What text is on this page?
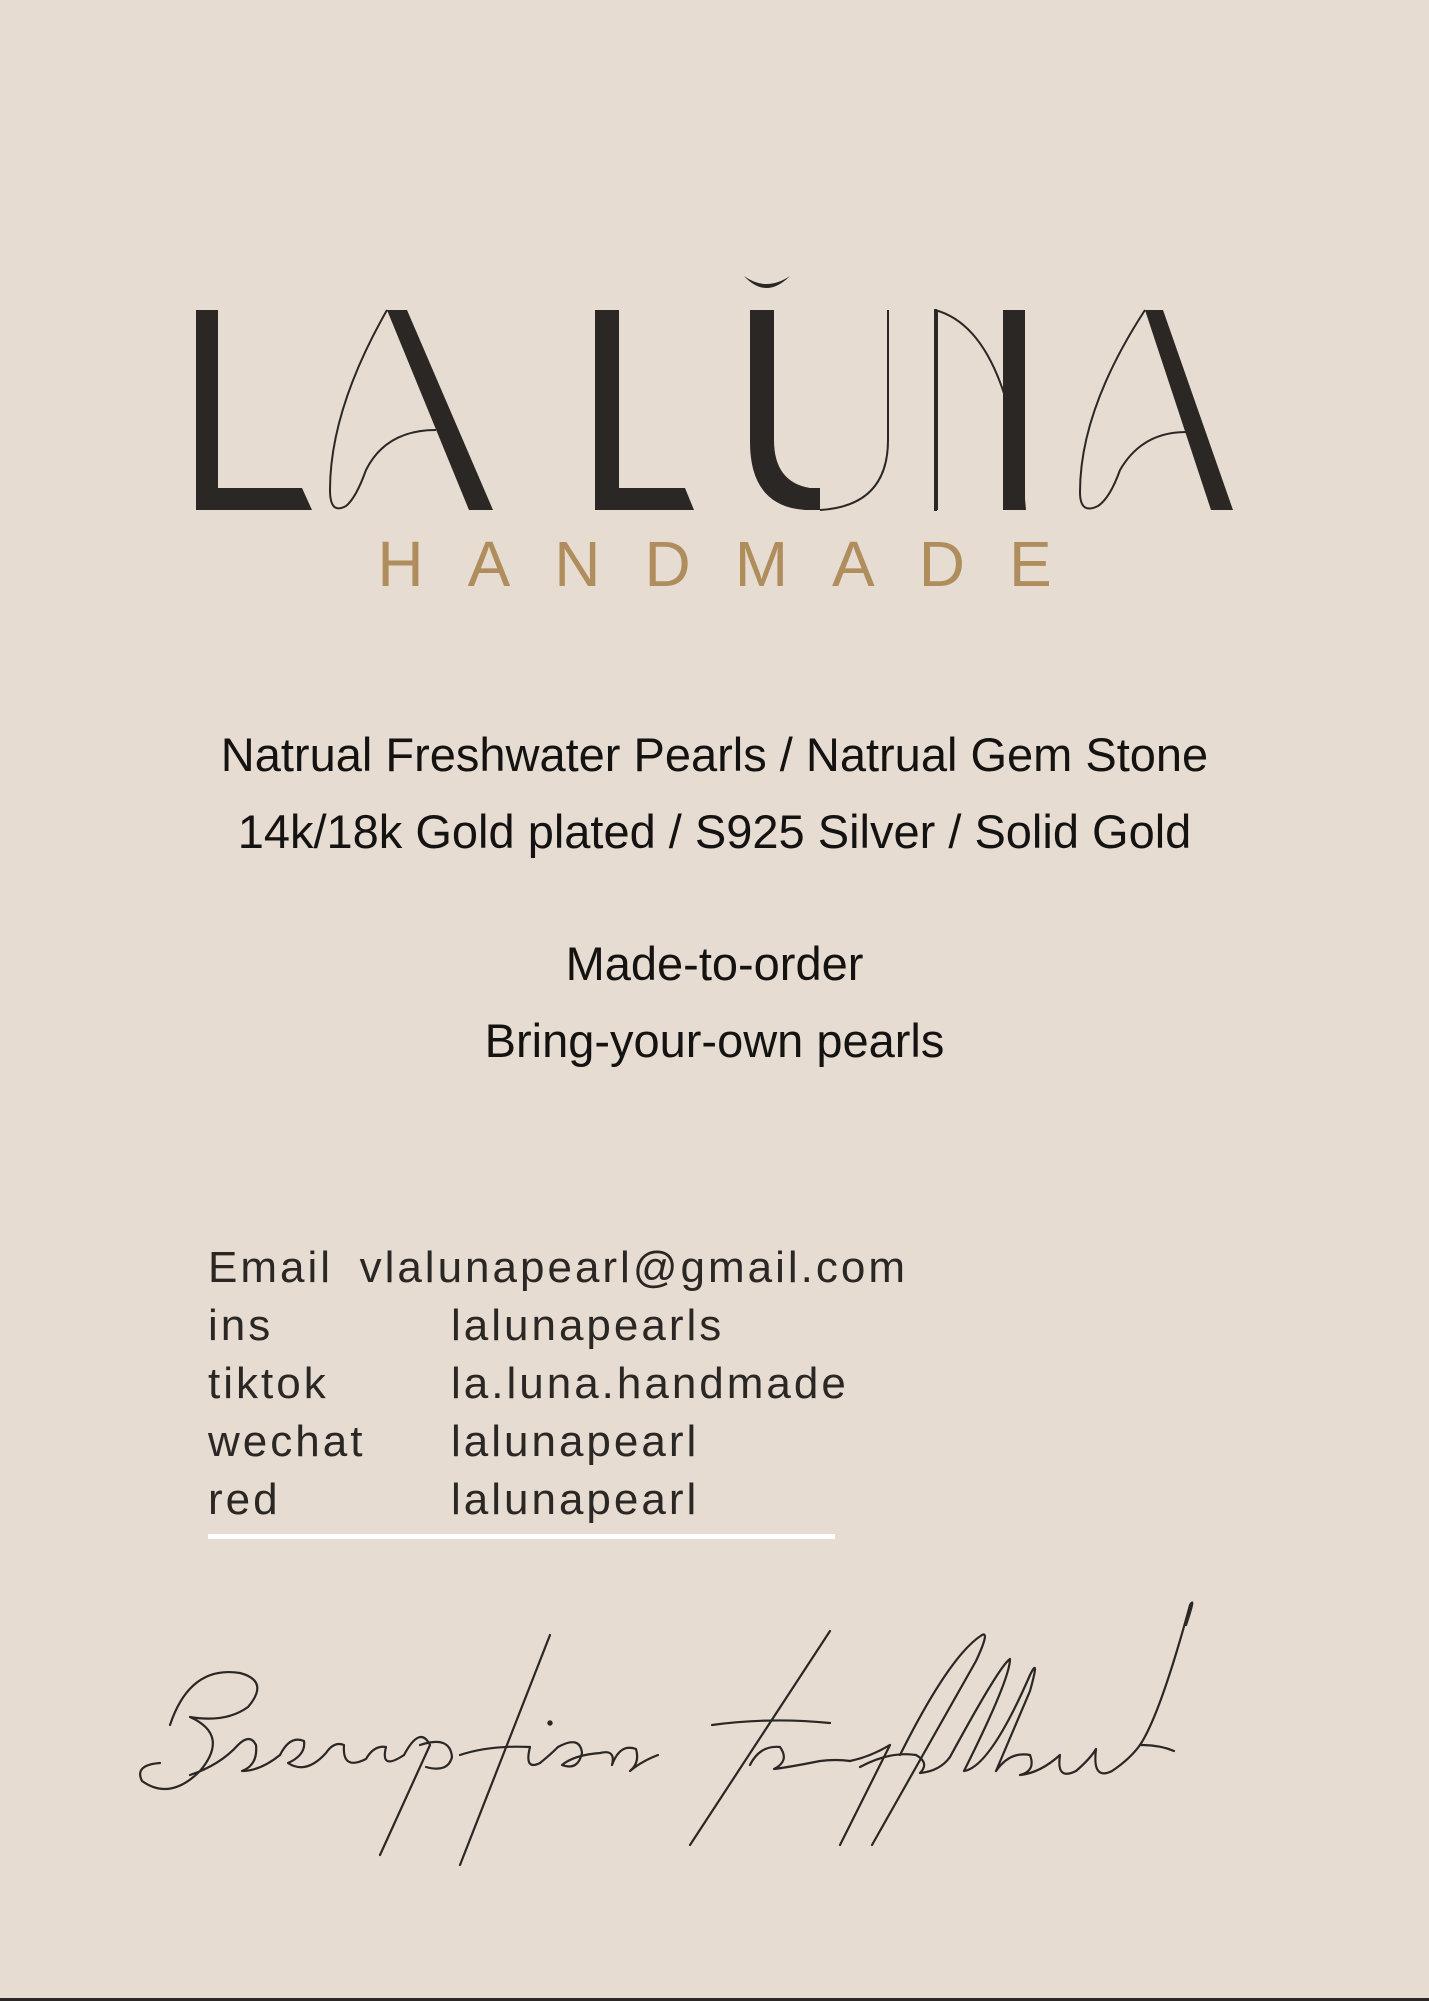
HANDMADE
Natrual Freshwater Pearls / Natrual Gem Stone
14k/18k Gold plated / S925 Silver / Solid Gold
Made-to-order
Bring-your-own pearls
Email vlalunapearl@gmail.com
ins	lalunapearls
tiktok	la.luna.handmade
wechat	lalunapearl
red	lalunapearl
